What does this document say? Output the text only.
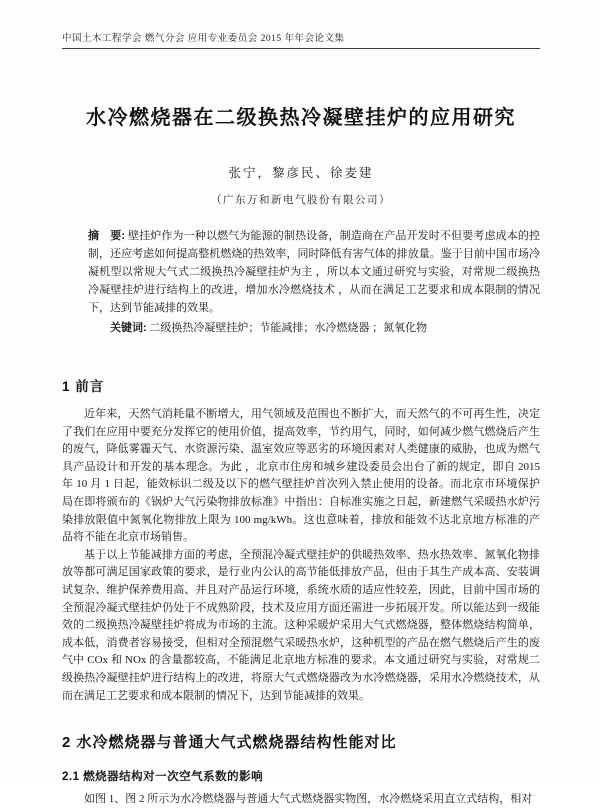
中国土木工程学会 燃气分会 应用专业委员会 2015 年年会论文集
水冷燃烧器在二级换热冷凝壁挂炉的应用研究
张宁，黎彦民、徐麦建
（广东万和新电气股份有限公司）

摘　要: 壁挂炉作为一种以燃气为能源的制热设备，制造商在产品开发时不但要考虑成本的控制，还应考虑如何提高整机燃烧的热效率，同时降低有害气体的排放量。鉴于目前中国市场冷凝机型以常规大气式二级换热冷凝壁挂炉为主 ，所以本文通过研究与实验，对常规二级换热冷凝壁挂炉进行结构上的改进，增加水冷燃烧技术 ，从而在满足工艺要求和成本限制的情况下，达到节能减排的效果。

关键词: 二级换热冷凝壁挂炉；节能减排；水冷燃烧器 ；氮氧化物

1 前言

近年来，天然气消耗量不断增大，用气领域及范围也不断扩大，而天然气的不可再生性，决定了我们在应用中要充分发挥它的使用价值，提高效率，节约用气，同时，如何减少燃气燃烧后产生的废气，降低雾霾天气、水资源污染、温室效应等恶劣的环境因素对人类健康的威胁，也成为燃气具产品设计和开发的基本理念。为此 ，北京市住房和城乡建设委员会出台了新的规定，即自 2015 年 10 月 1 日起，能效标识二级及以下的燃气壁挂炉首次列入禁止使用的设备。而北京市环境保护局在即将颁布的《锅炉大气污染物排放标准》中指出：自标准实施之日起，新建燃气采暖热水炉污染排放限值中氮氧化物排放上限为 100 mg/kWh。这也意味着，排放和能效不达北京地方标准的产品将不能在北京市场销售。

基于以上节能减排方面的考虑，全预混冷凝式壁挂炉的供暖热效率、热水热效率、氮氧化物排放等都可满足国家政策的要求，是行业内公认的高节能低排放产品，但由于其生产成本高、安装调试复杂、维护保养费用高、并且对产品运行环境，系统水质的适应性较差，因此，目前中国市场的全预混冷凝式壁挂炉仍处于不成熟阶段，技术及应用方面还需进一步拓展开发。所以能达到一级能效的二级换热冷凝壁挂炉将成为市场的主流。这种采暖炉采用大气式燃烧器，整体燃烧结构简单，成本低，消费者容易接受，但相对全预混燃气采暖热水炉，这种机型的产品在燃气燃烧后产生的废气中 COx 和 NOx 的含量都较高，不能满足北京地方标准的要求。本文通过研究与实验，对常规二级换热冷凝壁挂炉进行结构上的改进，将原大气式燃烧器改为水冷燃烧器，采用水冷燃烧技术，从而在满足工艺要求和成本限制的情况下，达到节能减排的效果。

2 水冷燃烧器与普通大气式燃烧器结构性能对比
2.1 燃烧器结构对一次空气系数的影响

如图 1、图 2 所示为水冷燃烧器与普通大气式燃烧器实物图，水冷燃烧采用直立式结构，相对
